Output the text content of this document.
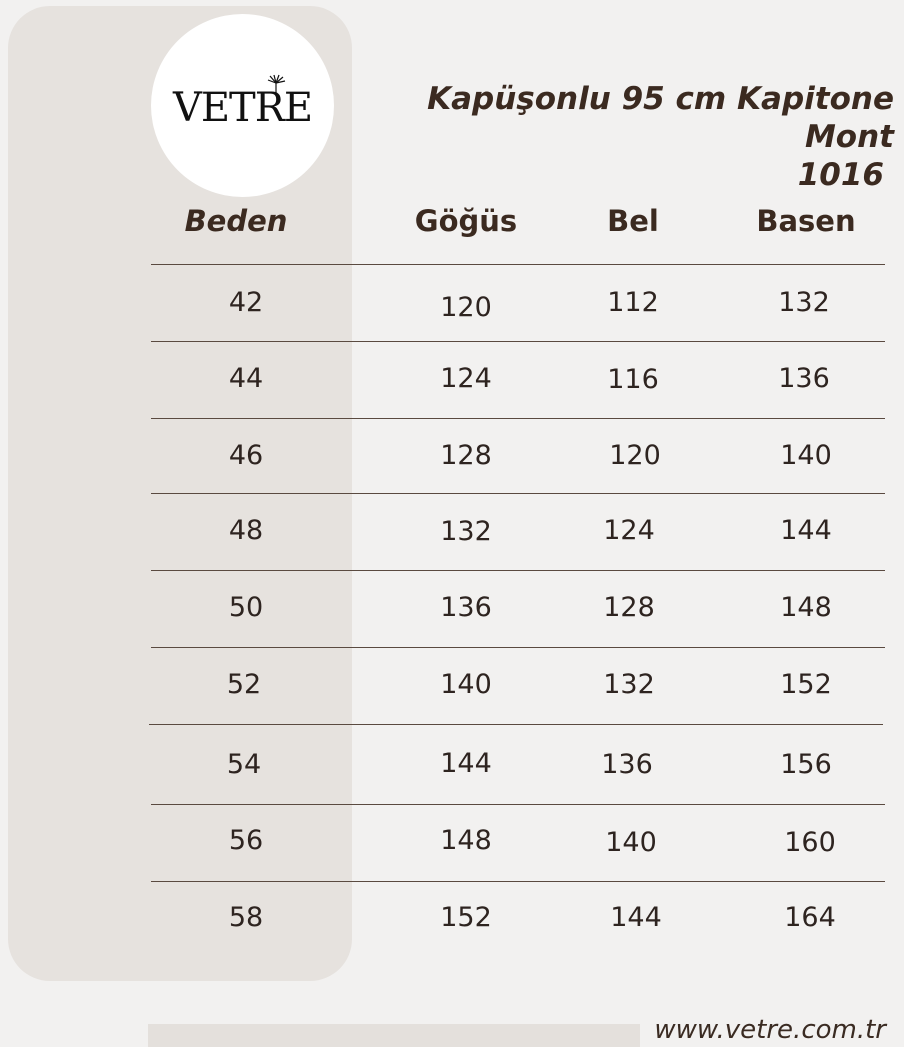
VETRE	Kapüşonlu 95 cm Kapitone Mont
1016
Beden	Göğüs	Bel	Basen
42	120	112	132
44	124	116	136
46	128	120	140
48	132	124	144
50	136	128	148
52	140	132	152
54	144	136	156
56	148	140	160
58	152	144	164
www.vetre.com.tr
